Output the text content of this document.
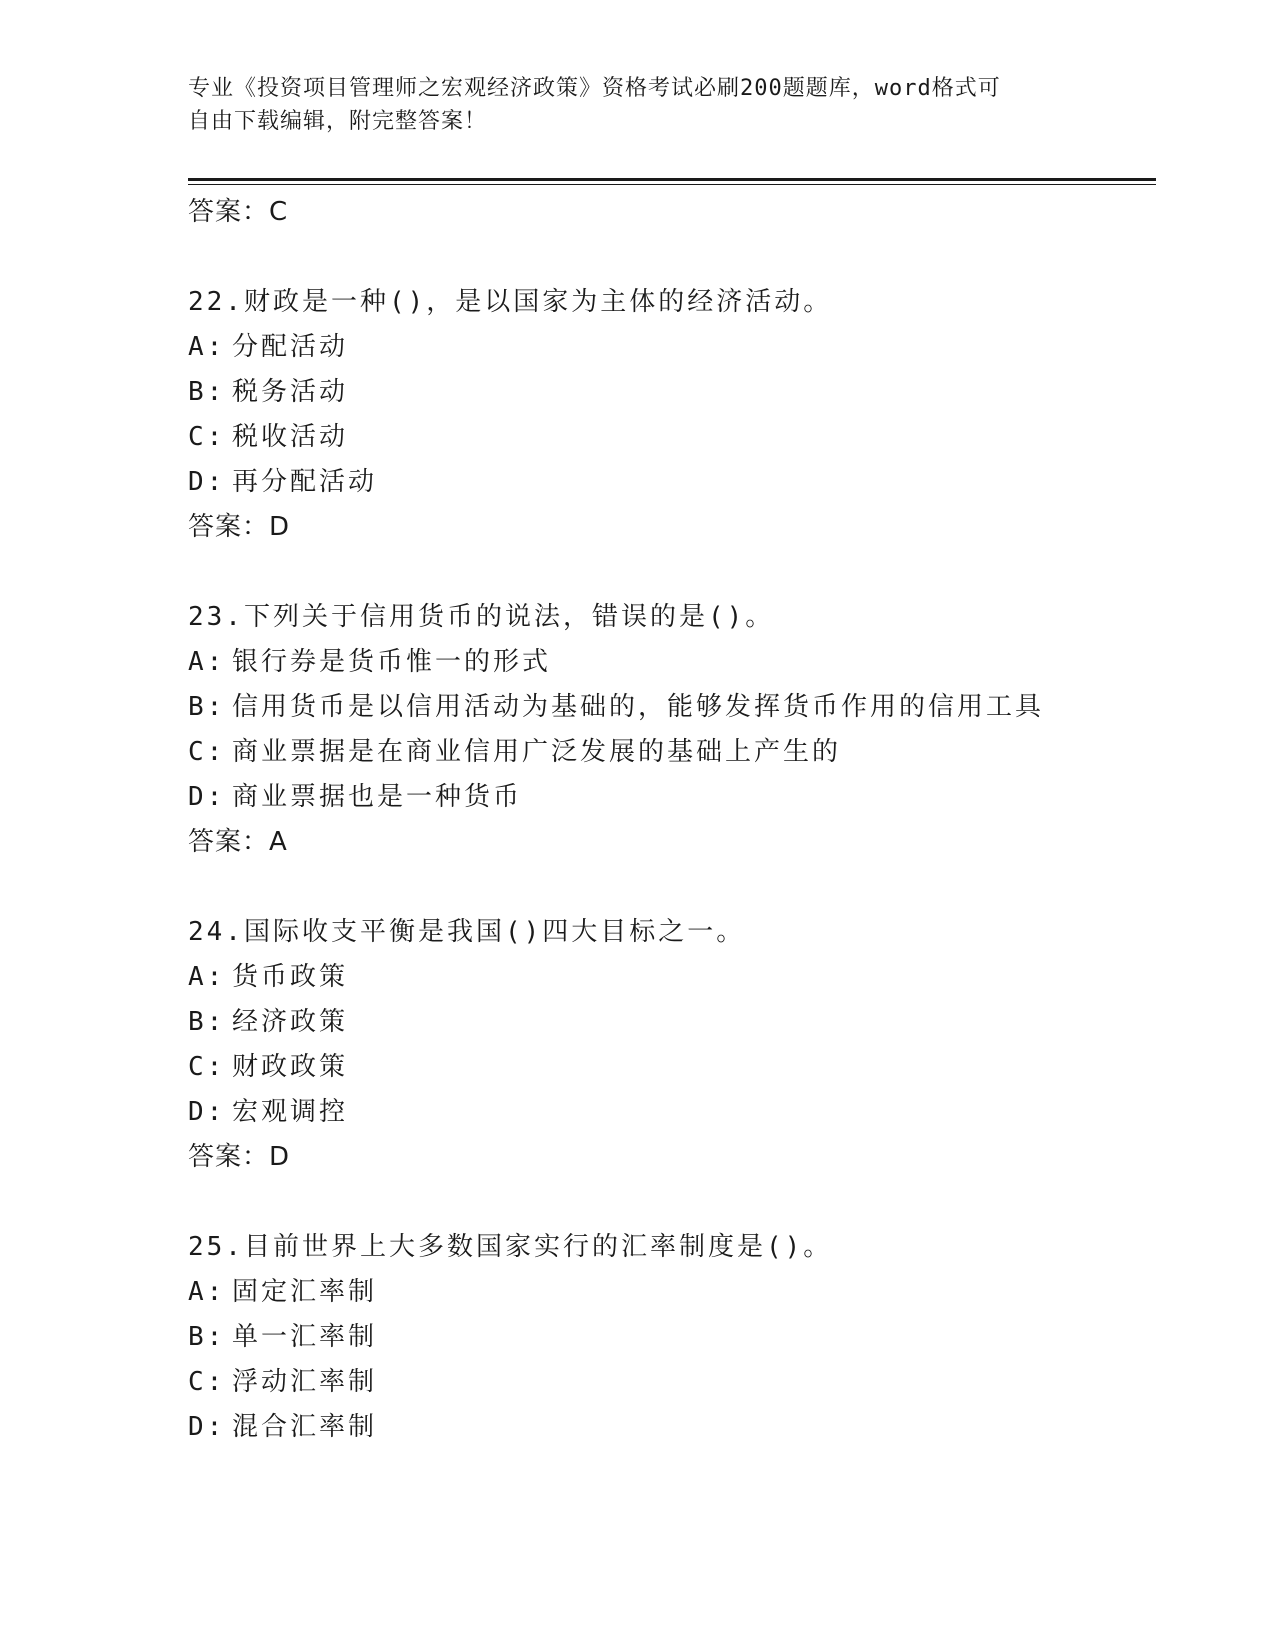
专业《投资项目管理师之宏观经济政策》资格考试必刷200题题库，word格式可
自由下载编辑，附完整答案！
答案：C
22.财政是一种()，是以国家为主体的经济活动。
A: 分配活动
B: 税务活动
C: 税收活动
D: 再分配活动
答案：D
23.下列关于信用货币的说法，错误的是()。
A: 银行券是货币惟一的形式
B: 信用货币是以信用活动为基础的，能够发挥货币作用的信用工具
C: 商业票据是在商业信用广泛发展的基础上产生的
D: 商业票据也是一种货币
答案：A
24.国际收支平衡是我国()四大目标之一。
A: 货币政策
B: 经济政策
C: 财政政策
D: 宏观调控
答案：D
25.目前世界上大多数国家实行的汇率制度是()。
A: 固定汇率制
B: 单一汇率制
C: 浮动汇率制
D: 混合汇率制
